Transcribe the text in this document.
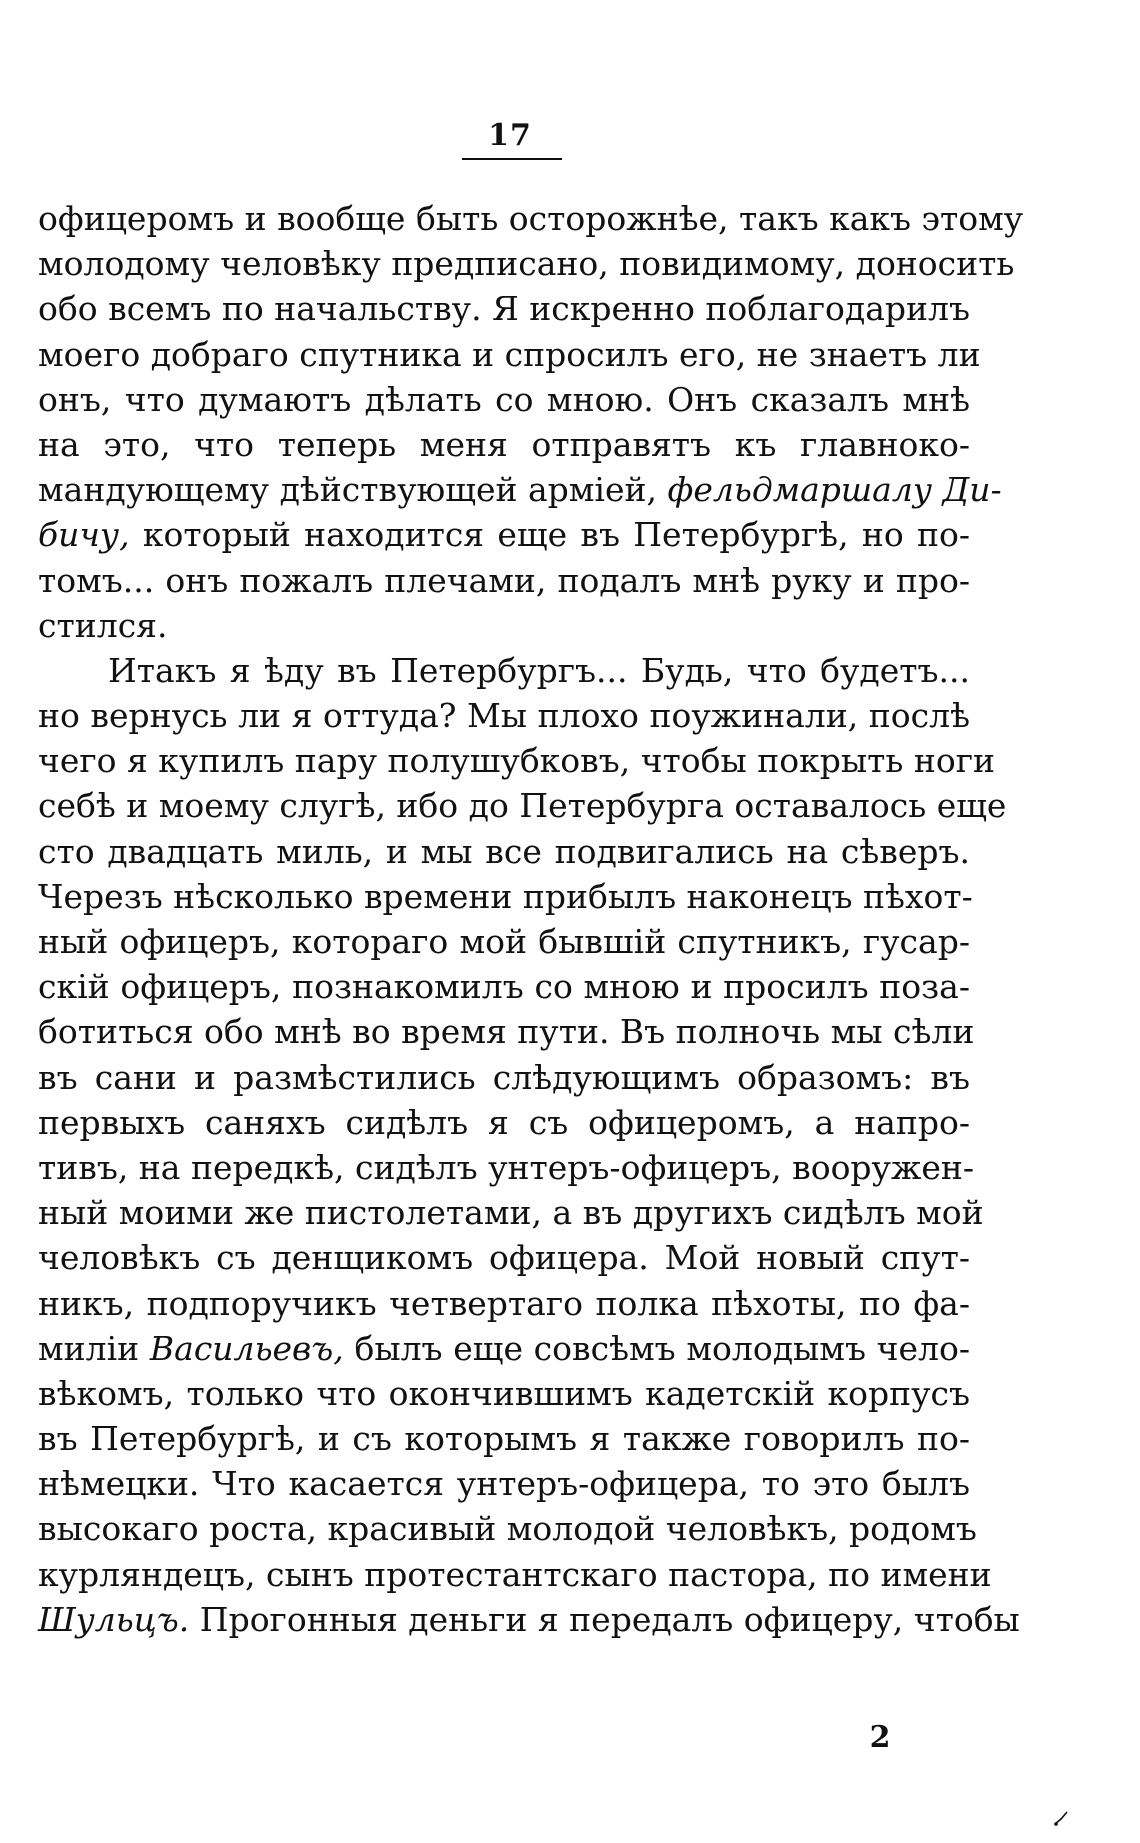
17
офицеромъ и вообще быть осторожнѣе, такъ какъ этому
молодому человѣку предписано, повидимому, доносить
обо всемъ по начальству. Я искренно поблагодарилъ
моего добраго спутника и спросилъ его, не знаетъ ли
онъ, что думаютъ дѣлать со мною. Онъ сказалъ мнѣ
на это, что теперь меня отправятъ къ главноко-
мандующему дѣйствующей арміей, фельдмаршалу Ди-
бичу, который находится еще въ Петербургѣ, но по-
томъ... онъ пожалъ плечами, подалъ мнѣ руку и про-
стился.
Итакъ я ѣду въ Петербургъ... Будь, что будетъ...
но вернусь ли я оттуда? Мы плохо поужинали, послѣ
чего я купилъ пару полушубковъ, чтобы покрыть ноги
себѣ и моему слугѣ, ибо до Петербурга оставалось еще
сто двадцать миль, и мы все подвигались на сѣверъ.
Черезъ нѣсколько времени прибылъ наконецъ пѣхот-
ный офицеръ, котораго мой бывшій спутникъ, гусар-
скій офицеръ, познакомилъ со мною и просилъ поза-
ботиться обо мнѣ во время пути. Въ полночь мы сѣли
въ сани и размѣстились слѣдующимъ образомъ: въ
первыхъ саняхъ сидѣлъ я съ офицеромъ, а напро-
тивъ, на передкѣ, сидѣлъ унтеръ-офицеръ, вооружен-
ный моими же пистолетами, а въ другихъ сидѣлъ мой
человѣкъ съ денщикомъ офицера. Мой новый спут-
никъ, подпоручикъ четвертаго полка пѣхоты, по фа-
миліи Васильевъ, былъ еще совсѣмъ молодымъ чело-
вѣкомъ, только что окончившимъ кадетскій корпусъ
въ Петербургѣ, и съ которымъ я также говорилъ по-
нѣмецки. Что касается унтеръ-офицера, то это былъ
высокаго роста, красивый молодой человѣкъ, родомъ
курляндецъ, сынъ протестантскаго пастора, по имени
Шульцъ. Прогонныя деньги я передалъ офицеру, чтобы
2
